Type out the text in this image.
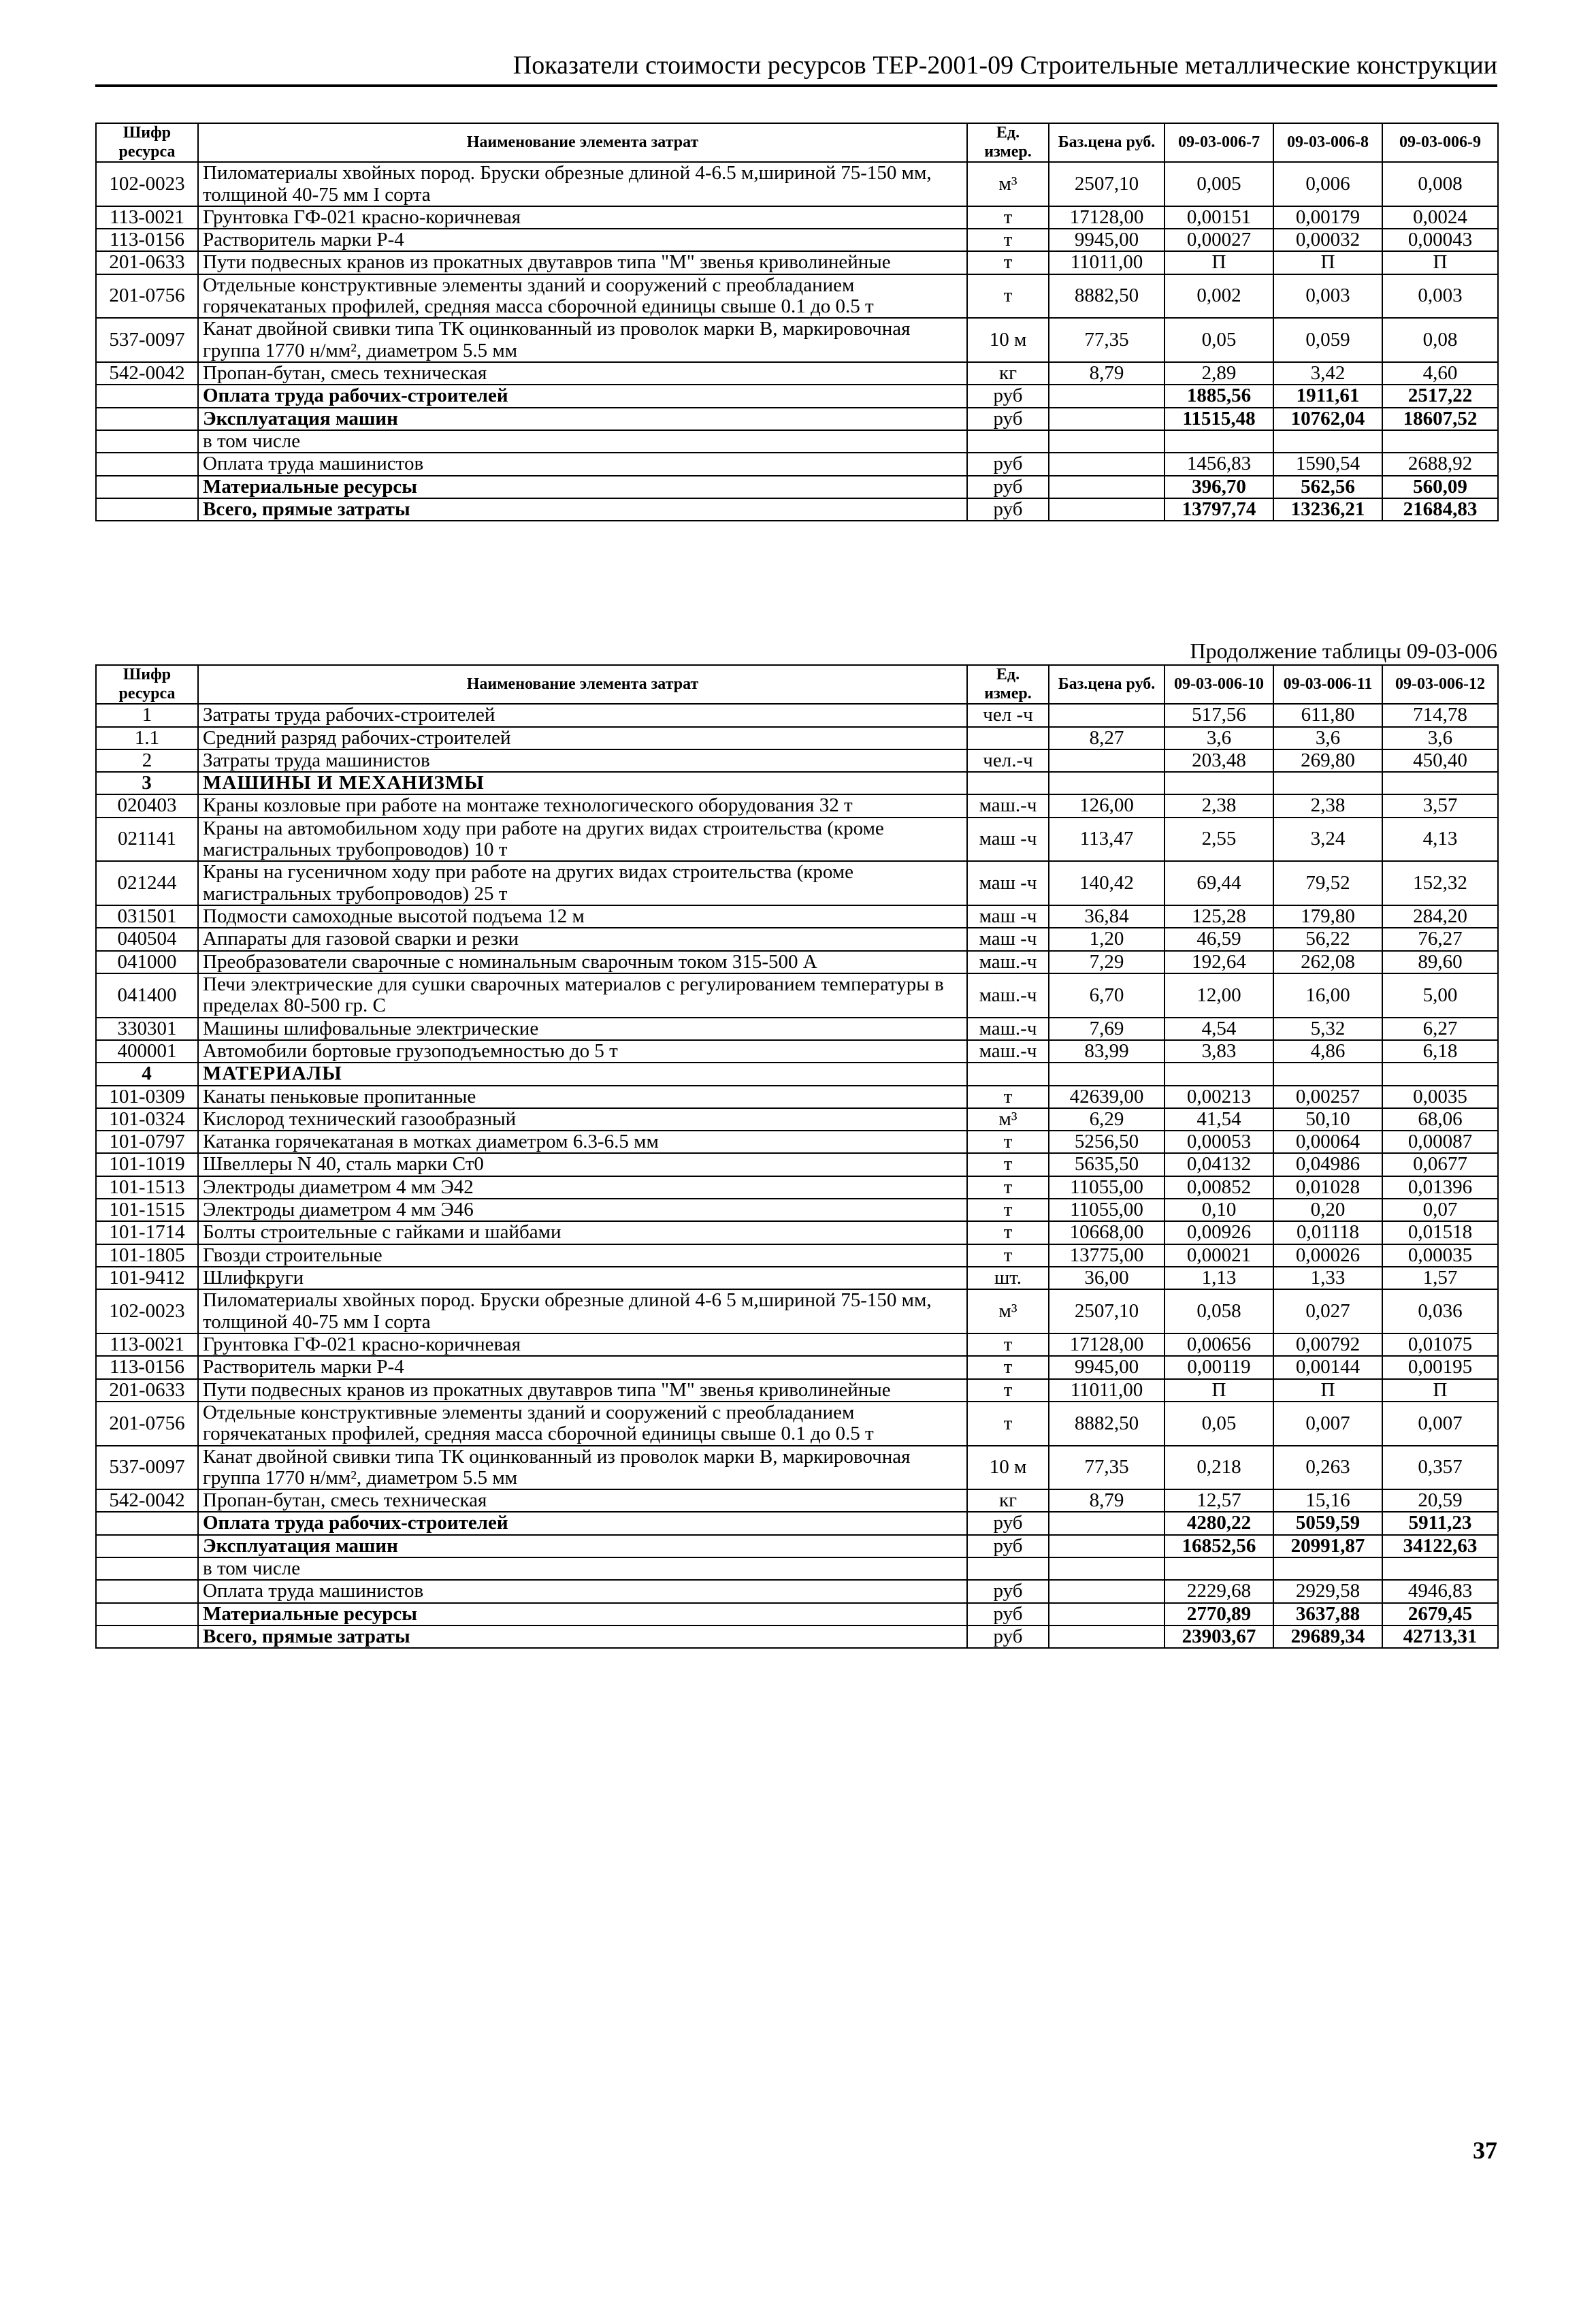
Показатели стоимости ресурсов ТЕР-2001-09 Строительные металлические конструкции
Шифр ресурса	Наименование элемента затрат	Ед. измер.	Баз.цена руб.	09-03-006-7	09-03-006-8	09-03-006-9
102-0023	Пиломатериалы хвойных пород. Бруски обрезные длиной 4-6.5 м,шириной 75-150 мм, толщиной 40-75 мм I сорта	м³	2507,10	0,005	0,006	0,008
113-0021	Грунтовка ГФ-021 красно-коричневая	т	17128,00	0,00151	0,00179	0,0024
113-0156	Растворитель марки Р-4	т	9945,00	0,00027	0,00032	0,00043
201-0633	Пути подвесных кранов из прокатных двутавров типа "М" звенья криволинейные	т	11011,00	П	П	П
201-0756	Отдельные конструктивные элементы зданий и сооружений с преобладанием горячекатаных профилей, средняя масса сборочной единицы свыше 0.1 до 0.5 т	т	8882,50	0,002	0,003	0,003
537-0097	Канат двойной свивки типа ТК оцинкованный из проволок марки В, маркировочная группа 1770 н/мм², диаметром 5.5 мм	10 м	77,35	0,05	0,059	0,08
542-0042	Пропан-бутан, смесь техническая	кг	8,79	2,89	3,42	4,60
	Оплата труда рабочих-строителей	руб		1885,56	1911,61	2517,22
	Эксплуатация машин	руб		11515,48	10762,04	18607,52
	в том числе					
	Оплата труда машинистов	руб		1456,83	1590,54	2688,92
	Материальные ресурсы	руб		396,70	562,56	560,09
	Всего, прямые затраты	руб		13797,74	13236,21	21684,83
Продолжение таблицы 09-03-006
Шифр ресурса	Наименование элемента затрат	Ед. измер.	Баз.цена руб.	09-03-006-10	09-03-006-11	09-03-006-12
1	Затраты труда рабочих-строителей	чел -ч		517,56	611,80	714,78
1.1	Средний разряд рабочих-строителей		8,27	3,6	3,6	3,6
2	Затраты труда машинистов	чел.-ч		203,48	269,80	450,40
3	МАШИНЫ И МЕХАНИЗМЫ					
020403	Краны козловые при работе на монтаже технологического оборудования 32 т	маш.-ч	126,00	2,38	2,38	3,57
021141	Краны на автомобильном ходу при работе на других видах строительства (кроме магистральных трубопроводов) 10 т	маш -ч	113,47	2,55	3,24	4,13
021244	Краны на гусеничном ходу при работе на других видах строительства (кроме магистральных трубопроводов) 25 т	маш -ч	140,42	69,44	79,52	152,32
031501	Подмости самоходные высотой подъема 12 м	маш -ч	36,84	125,28	179,80	284,20
040504	Аппараты для газовой сварки и резки	маш -ч	1,20	46,59	56,22	76,27
041000	Преобразователи сварочные с номинальным сварочным током 315-500 А	маш.-ч	7,29	192,64	262,08	89,60
041400	Печи электрические для сушки сварочных материалов с регулированием температуры в пределах 80-500 гр. С	маш.-ч	6,70	12,00	16,00	5,00
330301	Машины шлифовальные электрические	маш.-ч	7,69	4,54	5,32	6,27
400001	Автомобили бортовые грузоподъемностью до 5 т	маш.-ч	83,99	3,83	4,86	6,18
4	МАТЕРИАЛЫ					
101-0309	Канаты пеньковые пропитанные	т	42639,00	0,00213	0,00257	0,0035
101-0324	Кислород технический газообразный	м³	6,29	41,54	50,10	68,06
101-0797	Катанка горячекатаная в мотках диаметром 6.3-6.5 мм	т	5256,50	0,00053	0,00064	0,00087
101-1019	Швеллеры N 40, сталь марки Ст0	т	5635,50	0,04132	0,04986	0,0677
101-1513	Электроды диаметром 4 мм Э42	т	11055,00	0,00852	0,01028	0,01396
101-1515	Электроды диаметром 4 мм Э46	т	11055,00	0,10	0,20	0,07
101-1714	Болты строительные с гайками и шайбами	т	10668,00	0,00926	0,01118	0,01518
101-1805	Гвозди строительные	т	13775,00	0,00021	0,00026	0,00035
101-9412	Шлифкруги	шт.	36,00	1,13	1,33	1,57
102-0023	Пиломатериалы хвойных пород. Бруски обрезные длиной 4-6 5 м,шириной 75-150 мм, толщиной 40-75 мм I сорта	м³	2507,10	0,058	0,027	0,036
113-0021	Грунтовка ГФ-021 красно-коричневая	т	17128,00	0,00656	0,00792	0,01075
113-0156	Растворитель марки Р-4	т	9945,00	0,00119	0,00144	0,00195
201-0633	Пути подвесных кранов из прокатных двутавров типа "М" звенья криволинейные	т	11011,00	П	П	П
201-0756	Отдельные конструктивные элементы зданий и сооружений с преобладанием горячекатаных профилей, средняя масса сборочной единицы свыше 0.1 до 0.5 т	т	8882,50	0,05	0,007	0,007
537-0097	Канат двойной свивки типа ТК оцинкованный из проволок марки В, маркировочная группа 1770 н/мм², диаметром 5.5 мм	10 м	77,35	0,218	0,263	0,357
542-0042	Пропан-бутан, смесь техническая	кг	8,79	12,57	15,16	20,59
	Оплата труда рабочих-строителей	руб		4280,22	5059,59	5911,23
	Эксплуатация машин	руб		16852,56	20991,87	34122,63
	в том числе					
	Оплата труда машинистов	руб		2229,68	2929,58	4946,83
	Материальные ресурсы	руб		2770,89	3637,88	2679,45
	Всего, прямые затраты	руб		23903,67	29689,34	42713,31
37
